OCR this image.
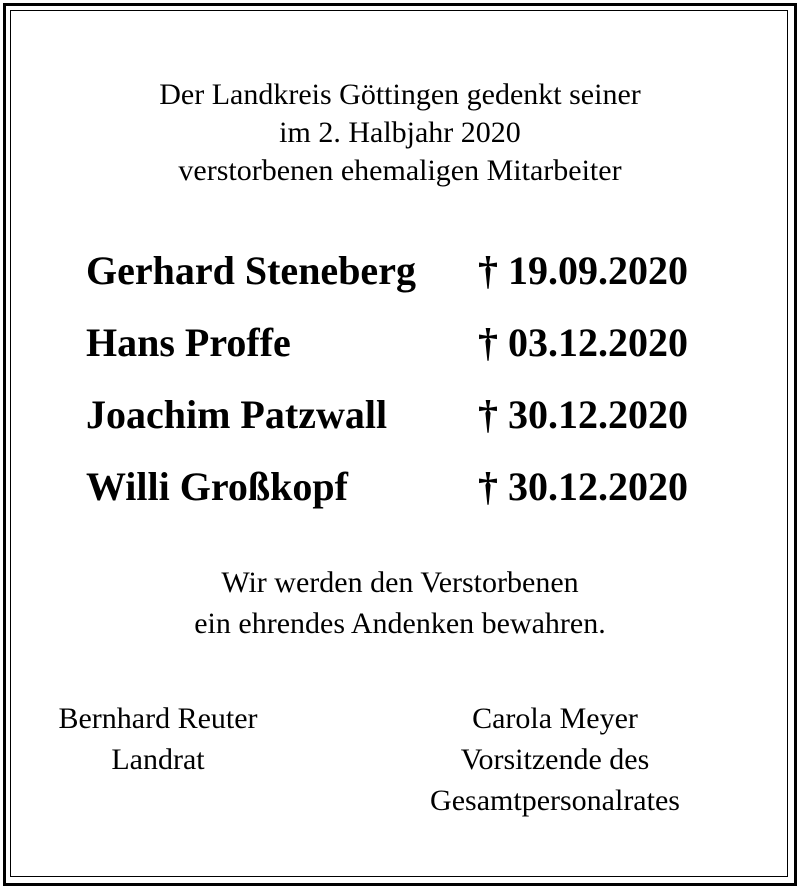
Der Landkreis Göttingen gedenkt seiner
im 2. Halbjahr 2020
verstorbenen ehemaligen Mitarbeiter
Gerhard Steneberg † 19.09.2020
Hans Proffe	† 03.12.2020
Joachim Patzwall † 30.12.2020
Willi Großkopf	† 30.12.2020
Wir werden den Verstorbenen
ein ehrendes Andenken bewahren.
Bernhard Reuter
Landrat
Carola Meyer
Vorsitzende des
Gesamtpersonalrates
